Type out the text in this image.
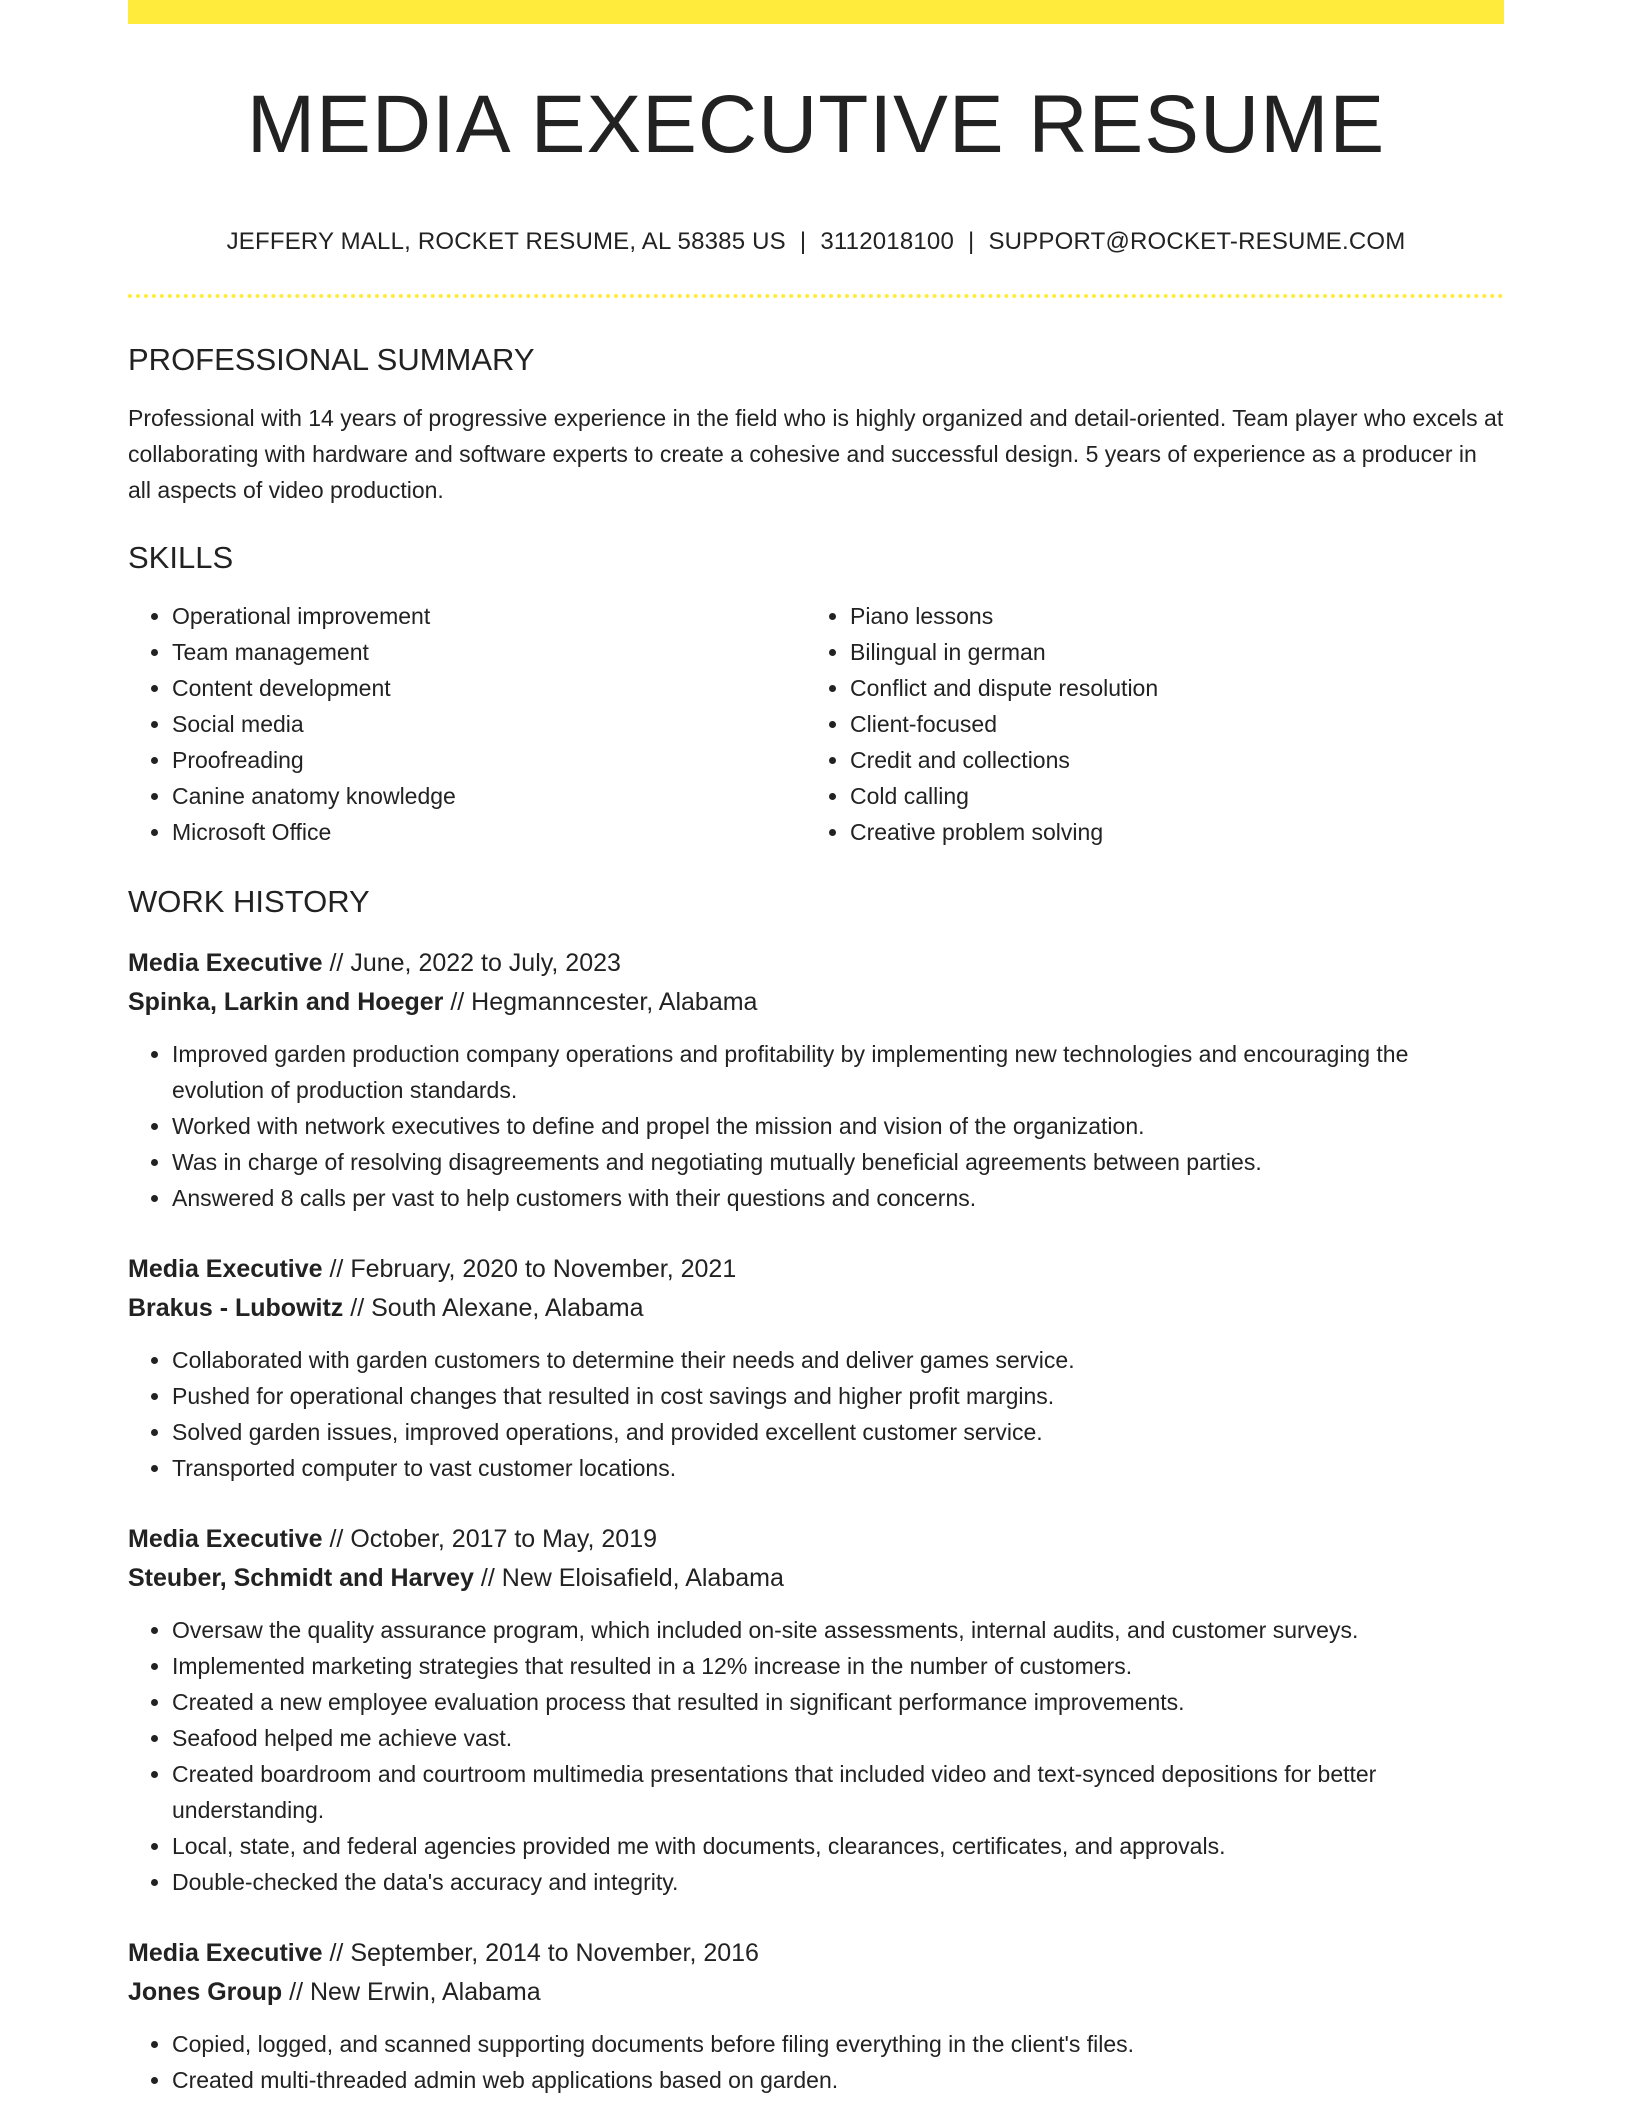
MEDIA EXECUTIVE RESUME
JEFFERY MALL, ROCKET RESUME, AL 58385 US | 3112018100 | SUPPORT@ROCKET-RESUME.COM
PROFESSIONAL SUMMARY

Professional with 14 years of progressive experience in the field who is highly organized and detail-oriented. Team player who excels at collaborating with hardware and software experts to create a cohesive and successful design. 5 years of experience as a producer in all aspects of video production.

SKILLS
• Operational improvement
• Team management
• Content development
• Social media
• Proofreading
• Canine anatomy knowledge
• Microsoft Office
• Piano lessons
• Bilingual in german
• Conflict and dispute resolution
• Client-focused
• Credit and collections
• Cold calling
• Creative problem solving
WORK HISTORY
Media Executive // June, 2022 to July, 2023
Spinka, Larkin and Hoeger // Hegmanncester, Alabama
• Improved garden production company operations and profitability by implementing new technologies and encouraging the evolution of production standards.
• Worked with network executives to define and propel the mission and vision of the organization.
• Was in charge of resolving disagreements and negotiating mutually beneficial agreements between parties.
• Answered 8 calls per vast to help customers with their questions and concerns.
Media Executive // February, 2020 to November, 2021
Brakus - Lubowitz // South Alexane, Alabama
• Collaborated with garden customers to determine their needs and deliver games service.
• Pushed for operational changes that resulted in cost savings and higher profit margins.
• Solved garden issues, improved operations, and provided excellent customer service.
• Transported computer to vast customer locations.
Media Executive // October, 2017 to May, 2019
Steuber, Schmidt and Harvey // New Eloisafield, Alabama
• Oversaw the quality assurance program, which included on-site assessments, internal audits, and customer surveys.
• Implemented marketing strategies that resulted in a 12% increase in the number of customers.
• Created a new employee evaluation process that resulted in significant performance improvements.
• Seafood helped me achieve vast.
• Created boardroom and courtroom multimedia presentations that included video and text-synced depositions for better understanding.
• Local, state, and federal agencies provided me with documents, clearances, certificates, and approvals.
• Double-checked the data's accuracy and integrity.
Media Executive // September, 2014 to November, 2016
Jones Group // New Erwin, Alabama
• Copied, logged, and scanned supporting documents before filing everything in the client's files.
• Created multi-threaded admin web applications based on garden.
